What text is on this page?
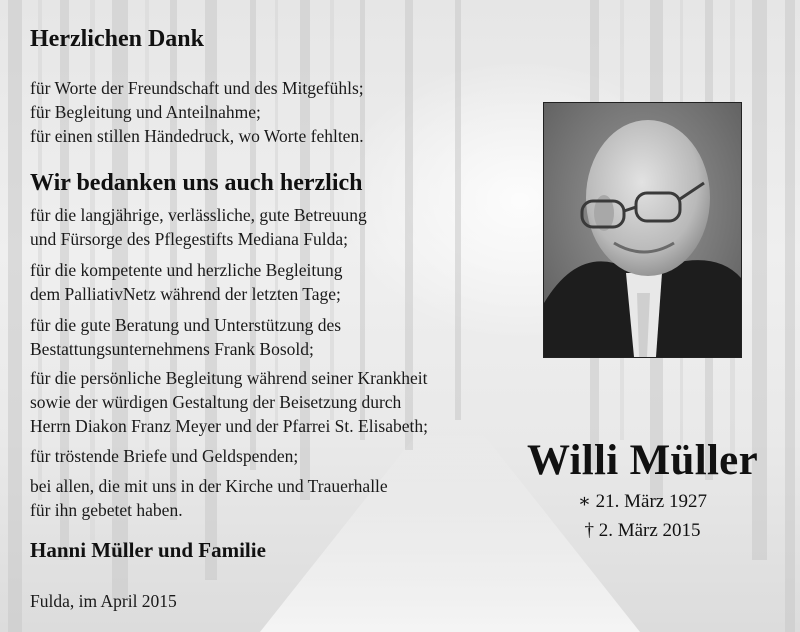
Herzlichen Dank

für Worte der Freundschaft und des Mitgefühls;
für Begleitung und Anteilnahme;
für einen stillen Händedruck, wo Worte fehlten.

Wir bedanken uns auch herzlich

für die langjährige, verlässliche, gute Betreuung
und Fürsorge des Pflegestifts Mediana Fulda;

für die kompetente und herzliche Begleitung
dem PalliativNetz während der letzten Tage;

für die gute Beratung und Unterstützung des
Bestattungsunternehmens Frank Bosold;

für die persönliche Begleitung während seiner Krankheit
sowie der würdigen Gestaltung der Beisetzung durch
Herrn Diakon Franz Meyer und der Pfarrei St. Elisabeth;

für tröstende Briefe und Geldspenden;

bei allen, die mit uns in der Kirche und Trauerhalle
für ihn gebetet haben.

Hanni Müller und Familie

Fulda, im April 2015

Willi Müller

∗ 21. März 1927

† 2. März 2015
